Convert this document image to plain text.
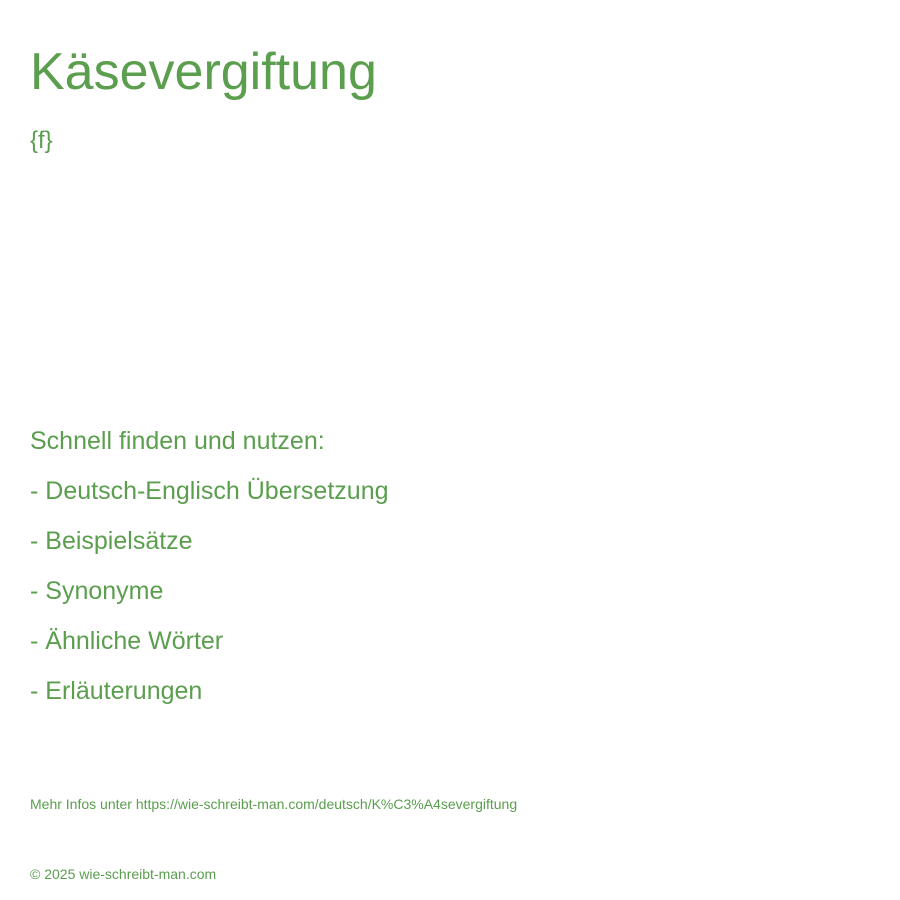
Käsevergiftung
{f}
Schnell finden und nutzen:
- Deutsch-Englisch Übersetzung
- Beispielsätze
- Synonyme
- Ähnliche Wörter
- Erläuterungen
Mehr Infos unter https://wie-schreibt-man.com/deutsch/K%C3%A4severgiftung
© 2025 wie-schreibt-man.com
